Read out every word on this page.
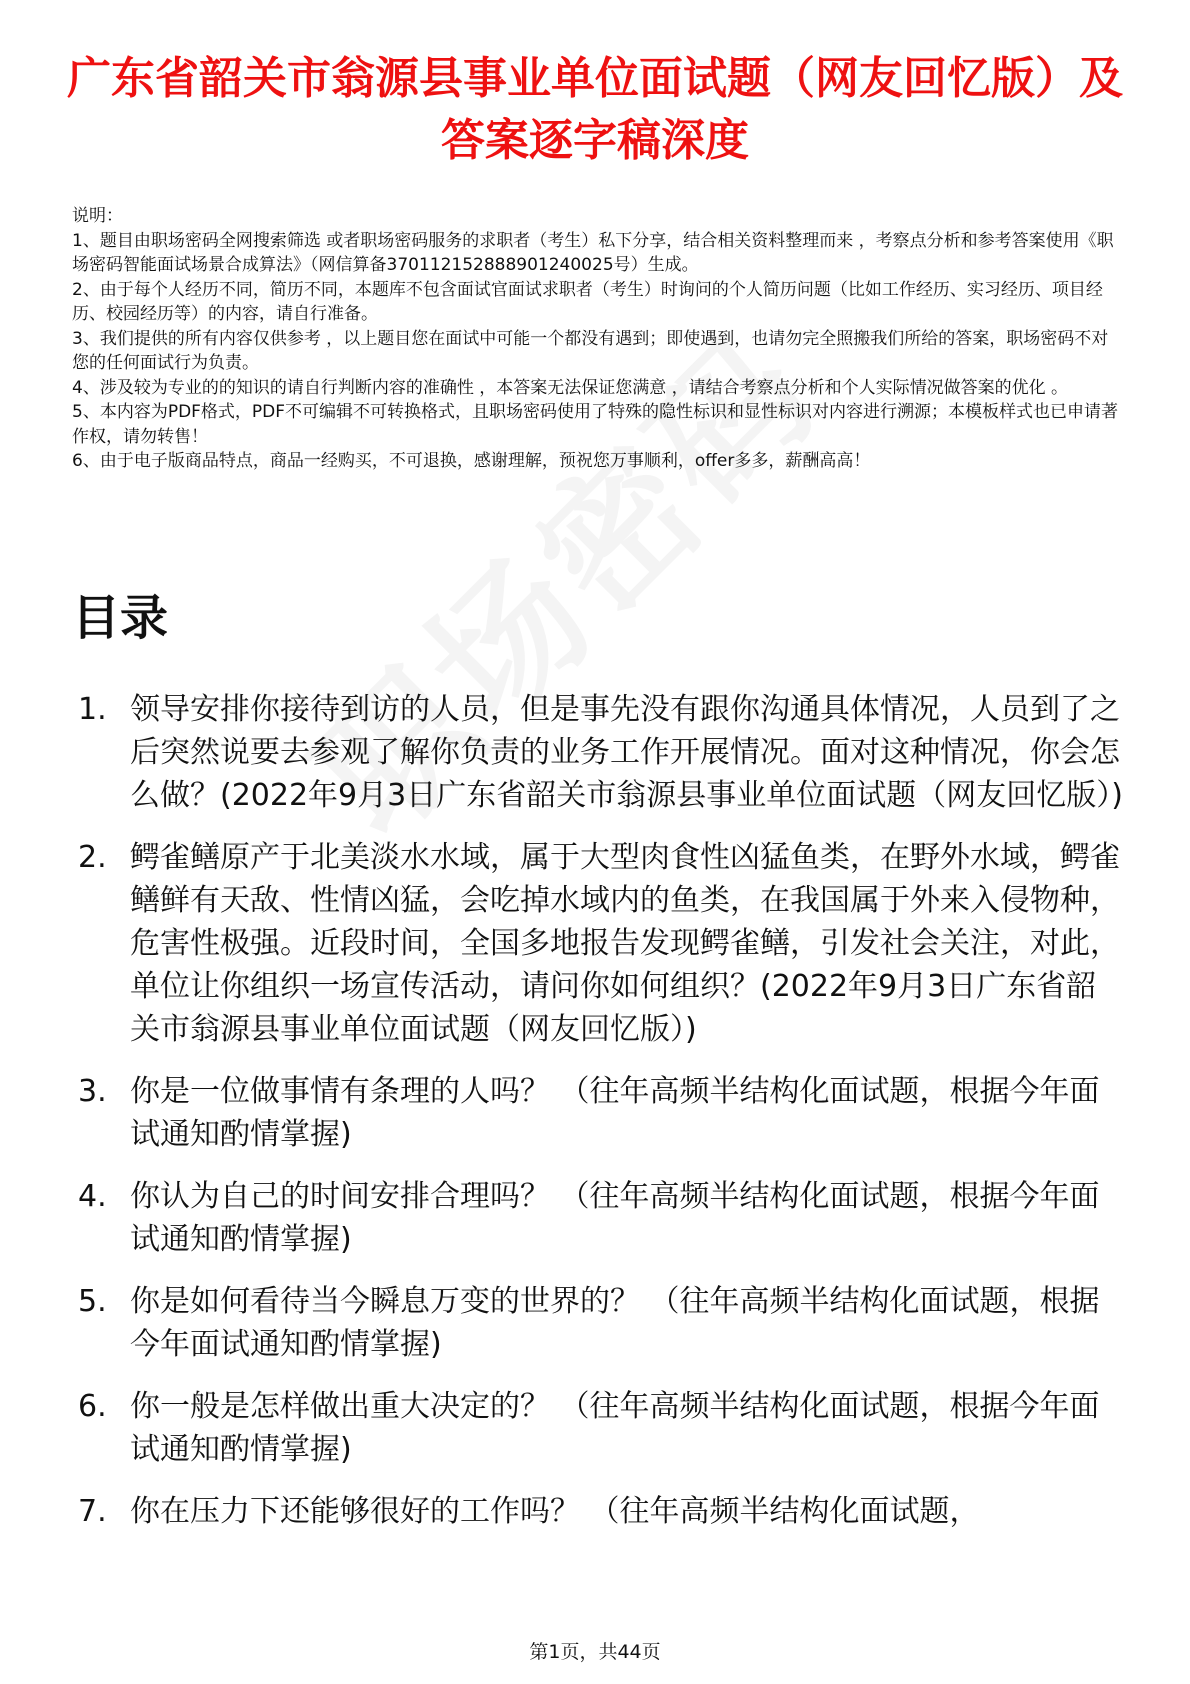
广东省韶关市翁源县事业单位面试题（网友回忆版）及答案逐字稿深度

说明：

1、题目由职场密码全网搜索筛选 或者职场密码服务的求职者（考生）私下分享，结合相关资料整理而来 ，考察点分析和参考答案使用《职场密码智能面试场景合成算法》（网信算备370112152888901240025号）生成。

2、由于每个人经历不同，简历不同，本题库不包含面试官面试求职者（考生）时询问的个人简历问题（比如工作经历、实习经历、项目经历、校园经历等）的内容，请自行准备。

3、我们提供的所有内容仅供参考 ，以上题目您在面试中可能一个都没有遇到；即使遇到，也请勿完全照搬我们所给的答案，职场密码不对您的任何面试行为负责。

4、涉及较为专业的的知识的请自行判断内容的准确性 ，本答案无法保证您满意 ，请结合考察点分析和个人实际情况做答案的优化 。

5、本内容为PDF格式，PDF不可编辑不可转换格式，且职场密码使用了特殊的隐性标识和显性标识对内容进行溯源；本模板样式也已申请著作权，请勿转售！

6、由于电子版商品特点，商品一经购买，不可退换，感谢理解，预祝您万事顺利，offer多多，薪酬高高！

目录
1. 领导安排你接待到访的人员，但是事先没有跟你沟通具体情况，人员到了之后突然说要去参观了解你负责的业务工作开展情况。面对这种情况，你会怎么做？(2022年9月3日广东省韶关市翁源县事业单位面试题（网友回忆版）)
2. 鳄雀鳝原产于北美淡水水域，属于大型肉食性凶猛鱼类，在野外水域，鳄雀鳝鲜有天敌、性情凶猛，会吃掉水域内的鱼类，在我国属于外来入侵物种，危害性极强。近段时间，全国多地报告发现鳄雀鳝，引发社会关注，对此，单位让你组织一场宣传活动，请问你如何组织？(2022年9月3日广东省韶关市翁源县事业单位面试题（网友回忆版）)
3. 你是一位做事情有条理的人吗？ （往年高频半结构化面试题，根据今年面试通知酌情掌握)
4. 你认为自己的时间安排合理吗？ （往年高频半结构化面试题，根据今年面试通知酌情掌握)
5. 你是如何看待当今瞬息万变的世界的？ （往年高频半结构化面试题，根据今年面试通知酌情掌握)
6. 你一般是怎样做出重大决定的？ （往年高频半结构化面试题，根据今年面试通知酌情掌握)
7. 你在压力下还能够很好的工作吗？ （往年高频半结构化面试题，
第1页，共44页
